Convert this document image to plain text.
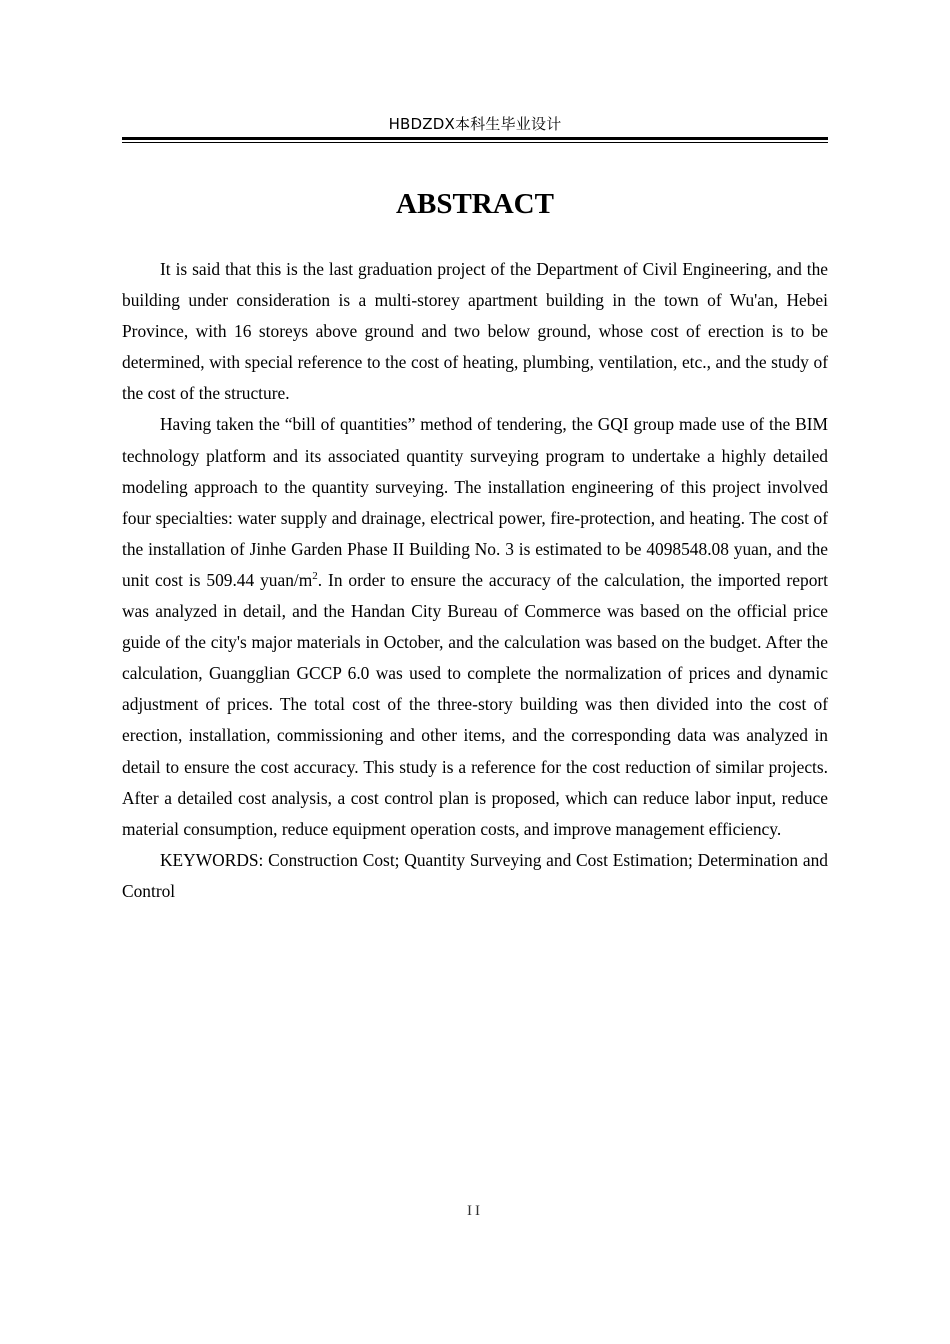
HBDZDX本科生毕业设计
ABSTRACT

It is said that this is the last graduation project of the Department of Civil Engineering, and the building under consideration is a multi-storey apartment building in the town of Wu'an, Hebei Province, with 16 storeys above ground and two below ground, whose cost of erection is to be determined, with special reference to the cost of heating, plumbing, ventilation, etc., and the study of the cost of the structure.

Having taken the “bill of quantities” method of tendering, the GQI group made use of the BIM technology platform and its associated quantity surveying program to undertake a highly detailed modeling approach to the quantity surveying. The installation engineering of this project involved four specialties: water supply and drainage, electrical power, fire-protection, and heating. The cost of the installation of Jinhe Garden Phase II Building No. 3 is estimated to be 4098548.08 yuan, and the unit cost is 509.44 yuan/$m^2$. In order to ensure the accuracy of the calculation, the imported report was analyzed in detail, and the Handan City Bureau of Commerce was based on the official price guide of the city's major materials in October, and the calculation was based on the budget. After the calculation, Guangglian GCCP 6.0 was used to complete the normalization of prices and dynamic adjustment of prices. The total cost of the three-story building was then divided into the cost of erection, installation, commissioning and other items, and the corresponding data was analyzed in detail to ensure the cost accuracy. This study is a reference for the cost reduction of similar projects. After a detailed cost analysis, a cost control plan is proposed, which can reduce labor input, reduce material consumption, reduce equipment operation costs, and improve management efficiency.

KEYWORDS: Construction Cost; Quantity Surveying and Cost Estimation; Determination and Control

II
